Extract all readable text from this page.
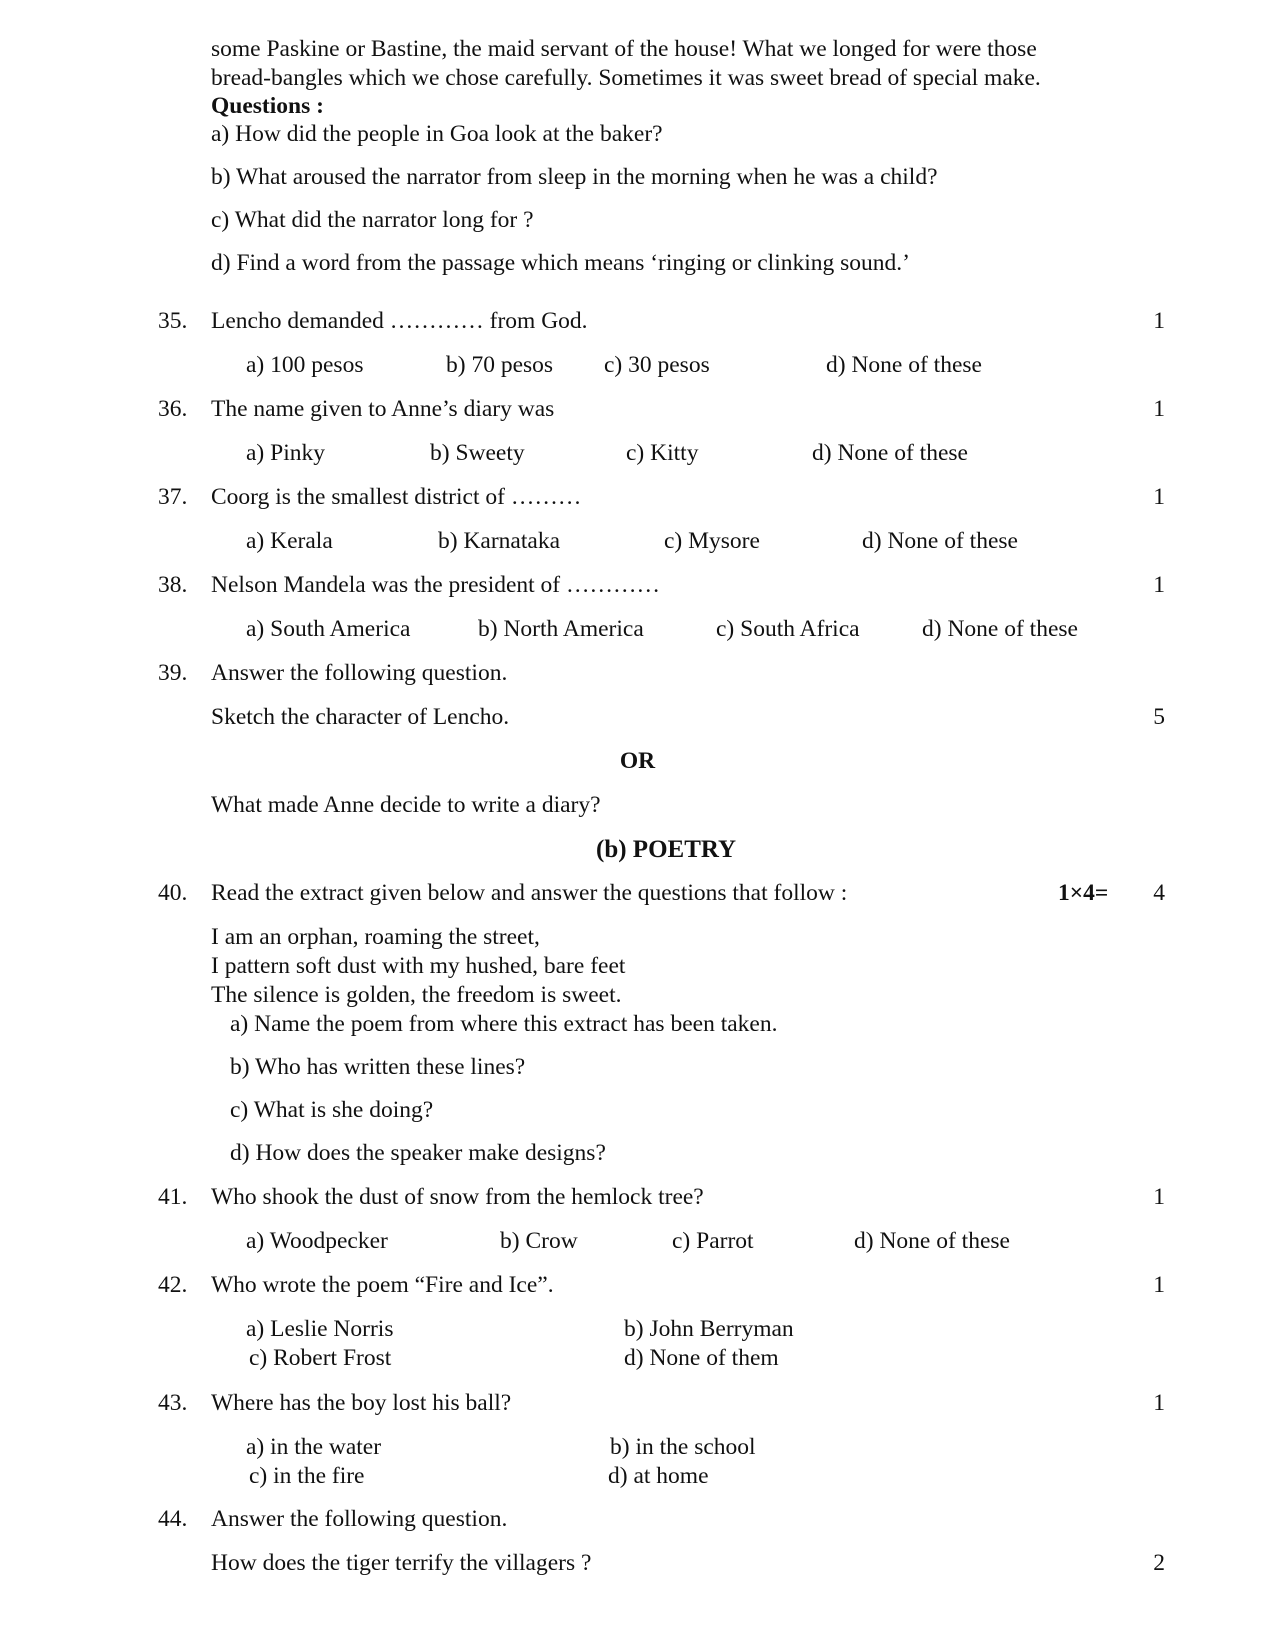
some Paskine or Bastine, the maid servant of the house! What we longed for were those
bread-bangles which we chose carefully. Sometimes it was sweet bread of special make.
Questions :
a) How did the people in Goa look at the baker?
b) What aroused the narrator from sleep in the morning when he was a child?
c) What did the narrator long for ?
d) Find a word from the passage which means ‘ringing or clinking sound.’
35. Lencho demanded ………… from God.	1
a) 100 pesos	b) 70 pesos c) 30 pesos	d) None of these
36. The name given to Anne’s diary was	1
a) Pinky	b) Sweety	c) Kitty	d) None of these
37. Coorg is the smallest district of ………	1
a) Kerala	b) Karnataka	c) Mysore	d) None of these
38. Nelson Mandela was the president of …………	1
a) South America	b) North America	c) South Africa	d) None of these
39. Answer the following question.
Sketch the character of Lencho.	5
OR
What made Anne decide to write a diary?
(b) POETRY
40. Read the extract given below and answer the questions that follow :	1×4= 4
I am an orphan, roaming the street,
I pattern soft dust with my hushed, bare feet
The silence is golden, the freedom is sweet.
a) Name the poem from where this extract has been taken.
b) Who has written these lines?
c) What is she doing?
d) How does the speaker make designs?
41. Who shook the dust of snow from the hemlock tree?	1
a) Woodpecker	b) Crow	c) Parrot	d) None of these
42. Who wrote the poem “Fire and Ice”.	1
a) Leslie Norris	b) John Berryman
c) Robert Frost	d) None of them
43. Where has the boy lost his ball?	1
a) in the water	b) in the school
c) in the fire	d) at home
44. Answer the following question.
How does the tiger terrify the villagers ?	2
